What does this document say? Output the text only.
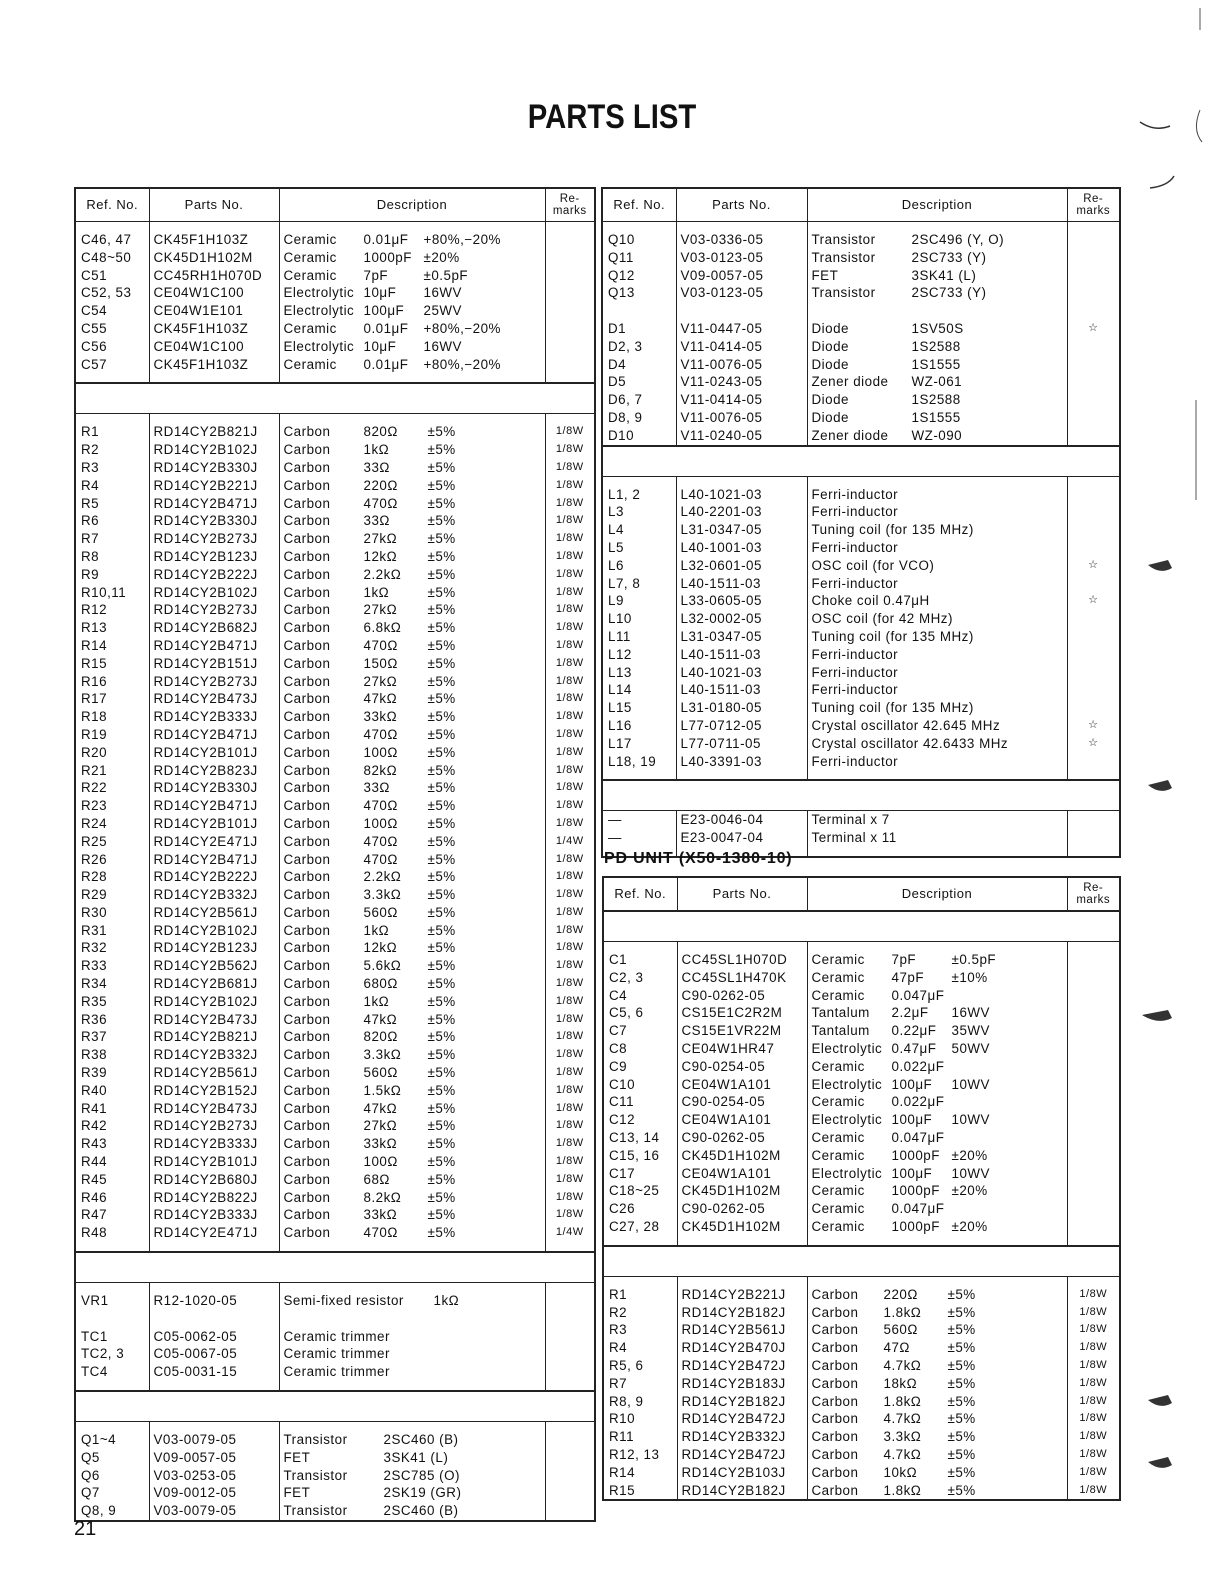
PARTS LIST
Ref. No.	Parts No.	Description	Re-
marks

C46, 47	CK45F1H103Z	Ceramic 0.01μF +80%,−20%	
C48~50	CK45D1H102M	Ceramic 1000pF ±20%	
C51	CC45RH1H070D	Ceramic 7pF ±0.5pF	
C52, 53	CE04W1C100	Electrolytic 10μF 16WV	
C54	CE04W1E101	Electrolytic 100μF 25WV	
C55	CK45F1H103Z	Ceramic 0.01μF +80%,−20%	
C56	CE04W1C100	Electrolytic 10μF 16WV	
C57	CK45F1H103Z	Ceramic 0.01μF +80%,−20%	

R1	RD14CY2B821J	Carbon 820Ω ±5%	1/8W
R2	RD14CY2B102J	Carbon 1kΩ ±5%	1/8W
R3	RD14CY2B330J	Carbon 33Ω ±5%	1/8W
R4	RD14CY2B221J	Carbon 220Ω ±5%	1/8W
R5	RD14CY2B471J	Carbon 470Ω ±5%	1/8W
R6	RD14CY2B330J	Carbon 33Ω ±5%	1/8W
R7	RD14CY2B273J	Carbon 27kΩ ±5%	1/8W
R8	RD14CY2B123J	Carbon 12kΩ ±5%	1/8W
R9	RD14CY2B222J	Carbon 2.2kΩ ±5%	1/8W
R10,11	RD14CY2B102J	Carbon 1kΩ ±5%	1/8W
R12	RD14CY2B273J	Carbon 27kΩ ±5%	1/8W
R13	RD14CY2B682J	Carbon 6.8kΩ ±5%	1/8W
R14	RD14CY2B471J	Carbon 470Ω ±5%	1/8W
R15	RD14CY2B151J	Carbon 150Ω ±5%	1/8W
R16	RD14CY2B273J	Carbon 27kΩ ±5%	1/8W
R17	RD14CY2B473J	Carbon 47kΩ ±5%	1/8W
R18	RD14CY2B333J	Carbon 33kΩ ±5%	1/8W
R19	RD14CY2B471J	Carbon 470Ω ±5%	1/8W
R20	RD14CY2B101J	Carbon 100Ω ±5%	1/8W
R21	RD14CY2B823J	Carbon 82kΩ ±5%	1/8W
R22	RD14CY2B330J	Carbon 33Ω ±5%	1/8W
R23	RD14CY2B471J	Carbon 470Ω ±5%	1/8W
R24	RD14CY2B101J	Carbon 100Ω ±5%	1/8W
R25	RD14CY2E471J	Carbon 470Ω ±5%	1/4W
R26	RD14CY2B471J	Carbon 470Ω ±5%	1/8W
R28	RD14CY2B222J	Carbon 2.2kΩ ±5%	1/8W
R29	RD14CY2B332J	Carbon 3.3kΩ ±5%	1/8W
R30	RD14CY2B561J	Carbon 560Ω ±5%	1/8W
R31	RD14CY2B102J	Carbon 1kΩ ±5%	1/8W
R32	RD14CY2B123J	Carbon 12kΩ ±5%	1/8W
R33	RD14CY2B562J	Carbon 5.6kΩ ±5%	1/8W
R34	RD14CY2B681J	Carbon 680Ω ±5%	1/8W
R35	RD14CY2B102J	Carbon 1kΩ ±5%	1/8W
R36	RD14CY2B473J	Carbon 47kΩ ±5%	1/8W
R37	RD14CY2B821J	Carbon 820Ω ±5%	1/8W
R38	RD14CY2B332J	Carbon 3.3kΩ ±5%	1/8W
R39	RD14CY2B561J	Carbon 560Ω ±5%	1/8W
R40	RD14CY2B152J	Carbon 1.5kΩ ±5%	1/8W
R41	RD14CY2B473J	Carbon 47kΩ ±5%	1/8W
R42	RD14CY2B273J	Carbon 27kΩ ±5%	1/8W
R43	RD14CY2B333J	Carbon 33kΩ ±5%	1/8W
R44	RD14CY2B101J	Carbon 100Ω ±5%	1/8W
R45	RD14CY2B680J	Carbon 68Ω ±5%	1/8W
R46	RD14CY2B822J	Carbon 8.2kΩ ±5%	1/8W
R47	RD14CY2B333J	Carbon 33kΩ ±5%	1/8W
R48	RD14CY2E471J	Carbon 470Ω ±5%	1/4W

VR1	R12-1020-05	Semi-fixed resistor 1kΩ	

TC1	C05-0062-05	Ceramic trimmer	
TC2, 3	C05-0067-05	Ceramic trimmer	
TC4	C05-0031-15	Ceramic trimmer	

Q1~4	V03-0079-05	Transistor 2SC460 (B)	
Q5	V09-0057-05	FET 3SK41 (L)	
Q6	V03-0253-05	Transistor 2SC785 (O)	
Q7	V09-0012-05	FET 2SK19 (GR)	
Q8, 9	V03-0079-05	Transistor 2SC460 (B)	
Ref. No.	Parts No.	Description	Re-
marks

Q10	V03-0336-05	Transistor 2SC496 (Y, O)	
Q11	V03-0123-05	Transistor 2SC733 (Y)	
Q12	V09-0057-05	FET 3SK41 (L)	
Q13	V03-0123-05	Transistor 2SC733 (Y)	

D1	V11-0447-05	Diode 1SV50S	☆
D2, 3	V11-0414-05	Diode 1S2588	
D4	V11-0076-05	Diode 1S1555	
D5	V11-0243-05	Zener diode WZ-061	
D6, 7	V11-0414-05	Diode 1S2588	
D8, 9	V11-0076-05	Diode 1S1555	
D10	V11-0240-05	Zener diode WZ-090	

L1, 2	L40-1021-03	Ferri-inductor	
L3	L40-2201-03	Ferri-inductor	
L4	L31-0347-05	Tuning coil (for 135 MHz)	
L5	L40-1001-03	Ferri-inductor	
L6	L32-0601-05	OSC coil (for VCO)	☆
L7, 8	L40-1511-03	Ferri-inductor	
L9	L33-0605-05	Choke coil 0.47μH	☆
L10	L32-0002-05	OSC coil (for 42 MHz)	
L11	L31-0347-05	Tuning coil (for 135 MHz)	
L12	L40-1511-03	Ferri-inductor	
L13	L40-1021-03	Ferri-inductor	
L14	L40-1511-03	Ferri-inductor	
L15	L31-0180-05	Tuning coil (for 135 MHz)	
L16	L77-0712-05	Crystal oscillator 42.645 MHz	☆
L17	L77-0711-05	Crystal oscillator 42.6433 MHz	☆
L18, 19	L40-3391-03	Ferri-inductor	

—	E23-0046-04	Terminal x 7	
—	E23-0047-04	Terminal x 11	

PD UNIT (X50-1380-10)
Ref. No.	Parts No.	Description	Re-
marks

C1	CC45SL1H070D	Ceramic 7pF ±0.5pF	
C2, 3	CC45SL1H470K	Ceramic 47pF ±10%	
C4	C90-0262-05	Ceramic 0.047μF	
C5, 6	CS15E1C2R2M	Tantalum 2.2μF 16WV	
C7	CS15E1VR22M	Tantalum 0.22μF 35WV	
C8	CE04W1HR47	Electrolytic 0.47μF 50WV	
C9	C90-0254-05	Ceramic 0.022μF	
C10	CE04W1A101	Electrolytic 100μF 10WV	
C11	C90-0254-05	Ceramic 0.022μF	
C12	CE04W1A101	Electrolytic 100μF 10WV	
C13, 14	C90-0262-05	Ceramic 0.047μF	
C15, 16	CK45D1H102M	Ceramic 1000pF ±20%	
C17	CE04W1A101	Electrolytic 100μF 10WV	
C18~25	CK45D1H102M	Ceramic 1000pF ±20%	
C26	C90-0262-05	Ceramic 0.047μF	
C27, 28	CK45D1H102M	Ceramic 1000pF ±20%	

R1	RD14CY2B221J	Carbon 220Ω ±5%	1/8W
R2	RD14CY2B182J	Carbon 1.8kΩ ±5%	1/8W
R3	RD14CY2B561J	Carbon 560Ω ±5%	1/8W
R4	RD14CY2B470J	Carbon 47Ω ±5%	1/8W
R5, 6	RD14CY2B472J	Carbon 4.7kΩ ±5%	1/8W
R7	RD14CY2B183J	Carbon 18kΩ ±5%	1/8W
R8, 9	RD14CY2B182J	Carbon 1.8kΩ ±5%	1/8W
R10	RD14CY2B472J	Carbon 4.7kΩ ±5%	1/8W
R11	RD14CY2B332J	Carbon 3.3kΩ ±5%	1/8W
R12, 13	RD14CY2B472J	Carbon 4.7kΩ ±5%	1/8W
R14	RD14CY2B103J	Carbon 10kΩ ±5%	1/8W
R15	RD14CY2B182J	Carbon 1.8kΩ ±5%	1/8W
21
